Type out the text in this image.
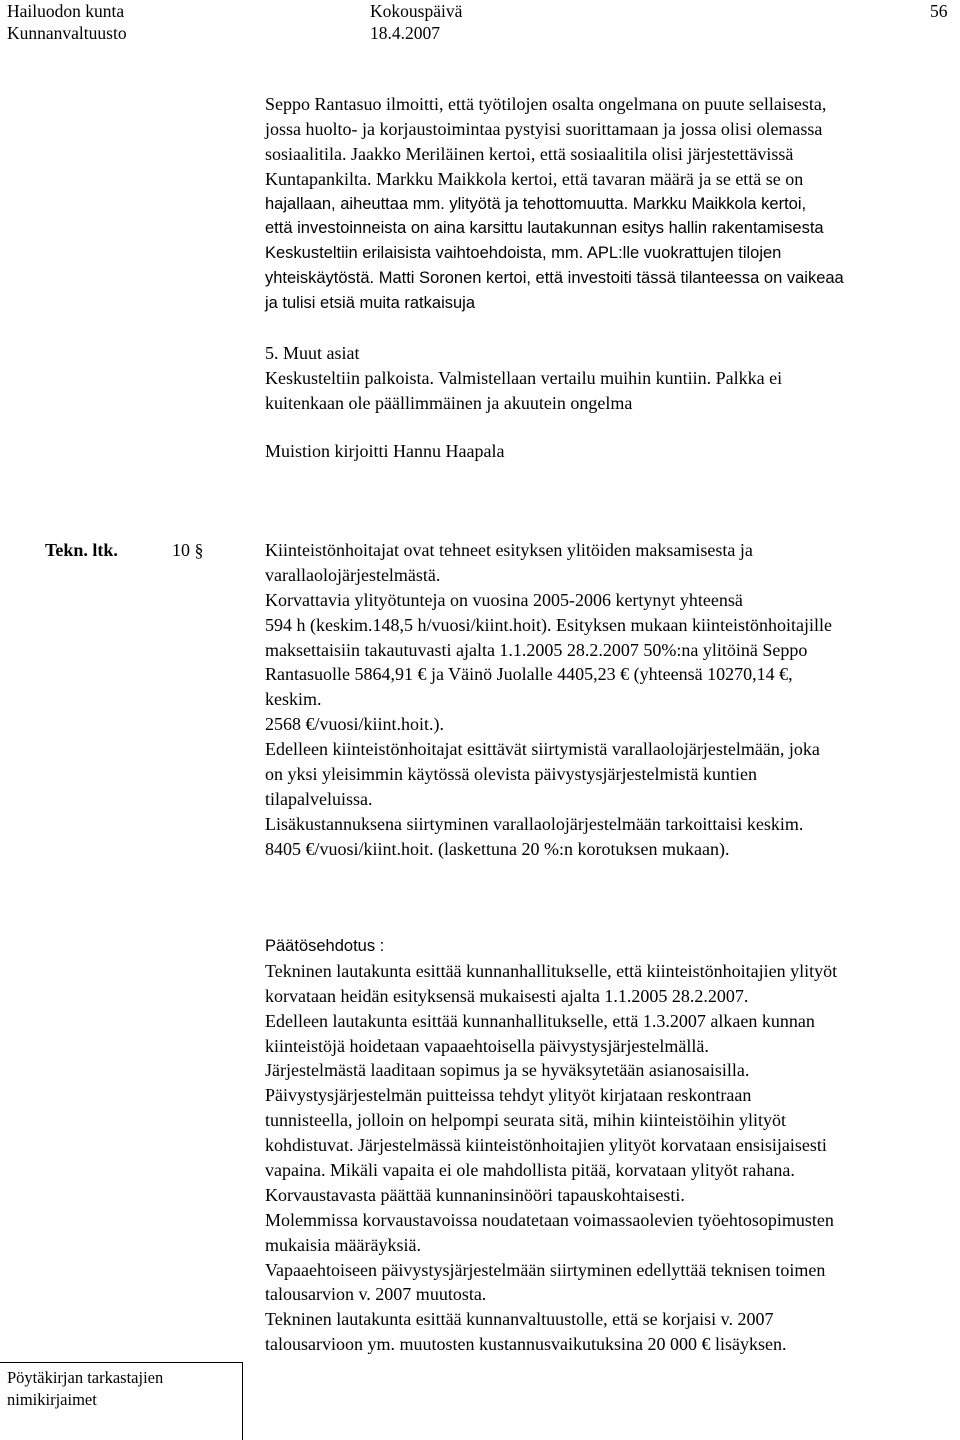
Hailuodon kunta
Kunnanvaltuusto
Kokouspäivä
18.4.2007
56
Seppo Rantasuo ilmoitti, että työtilojen osalta ongelmana on puute sellaisesta,
jossa huolto- ja korjaustoimintaa pystyisi suorittamaan ja jossa olisi olemassa
sosiaalitila. Jaakko Meriläinen kertoi, että sosiaalitila olisi järjestettävissä
Kuntapankilta. Markku Maikkola kertoi, että tavaran määrä ja se että se on
hajallaan, aiheuttaa mm. ylityötä ja tehottomuutta. Markku Maikkola kertoi,
että investoinneista on aina karsittu lautakunnan esitys hallin rakentamisesta
Keskusteltiin erilaisista vaihtoehdoista, mm. APL:lle vuokrattujen tilojen
yhteiskäytöstä. Matti Soronen kertoi, että investoiti tässä tilanteessa on vaikeaa
ja tulisi etsiä muita ratkaisuja
5. Muut asiat
Keskusteltiin palkoista. Valmistellaan vertailu muihin kuntiin. Palkka ei
kuitenkaan ole päällimmäinen ja akuutein ongelma
Muistion kirjoitti Hannu Haapala
Tekn. ltk.	10 §	Kiinteistönhoitajat ovat tehneet esityksen ylitöiden maksamisesta ja
varallaolojärjestelmästä.
Korvattavia ylityötunteja on vuosina 2005-2006 kertynyt yhteensä
594 h (keskim.148,5 h/vuosi/kiint.hoit). Esityksen mukaan kiinteistönhoitajille
maksettaisiin takautuvasti ajalta 1.1.2005 28.2.2007 50%:na ylitöinä Seppo
Rantasuolle 5864,91 € ja Väinö Juolalle 4405,23 € (yhteensä 10270,14 €,
keskim.
2568 €/vuosi/kiint.hoit.).
Edelleen kiinteistönhoitajat esittävät siirtymistä varallaolojärjestelmään, joka
on yksi yleisimmin käytössä olevista päivystysjärjestelmistä kuntien
tilapalveluissa.
Lisäkustannuksena siirtyminen varallaolojärjestelmään tarkoittaisi keskim.
8405 €/vuosi/kiint.hoit. (laskettuna 20 %:n korotuksen mukaan).
Päätösehdotus :
Tekninen lautakunta esittää kunnanhallitukselle, että kiinteistönhoitajien ylityöt
korvataan heidän esityksensä mukaisesti ajalta 1.1.2005 28.2.2007.
Edelleen lautakunta esittää kunnanhallitukselle, että 1.3.2007 alkaen kunnan
kiinteistöjä hoidetaan vapaaehtoisella päivystysjärjestelmällä.
Järjestelmästä laaditaan sopimus ja se hyväksytetään asianosaisilla.
Päivystysjärjestelmän puitteissa tehdyt ylityöt kirjataan reskontraan
tunnisteella, jolloin on helpompi seurata sitä, mihin kiinteistöihin ylityöt
kohdistuvat. Järjestelmässä kiinteistönhoitajien ylityöt korvataan ensisijaisesti
vapaina. Mikäli vapaita ei ole mahdollista pitää, korvataan ylityöt rahana.
Korvaustavasta päättää kunnaninsinööri tapauskohtaisesti.
Molemmissa korvaustavoissa noudatetaan voimassaolevien työehtosopimusten
mukaisia määräyksiä.
Vapaaehtoiseen päivystysjärjestelmään siirtyminen edellyttää teknisen toimen
talousarvion v. 2007 muutosta.
Tekninen lautakunta esittää kunnanvaltuustolle, että se korjaisi v. 2007
talousarvioon ym. muutosten kustannusvaikutuksina 20 000 € lisäyksen.
Pöytäkirjan tarkastajien
nimikirjaimet
